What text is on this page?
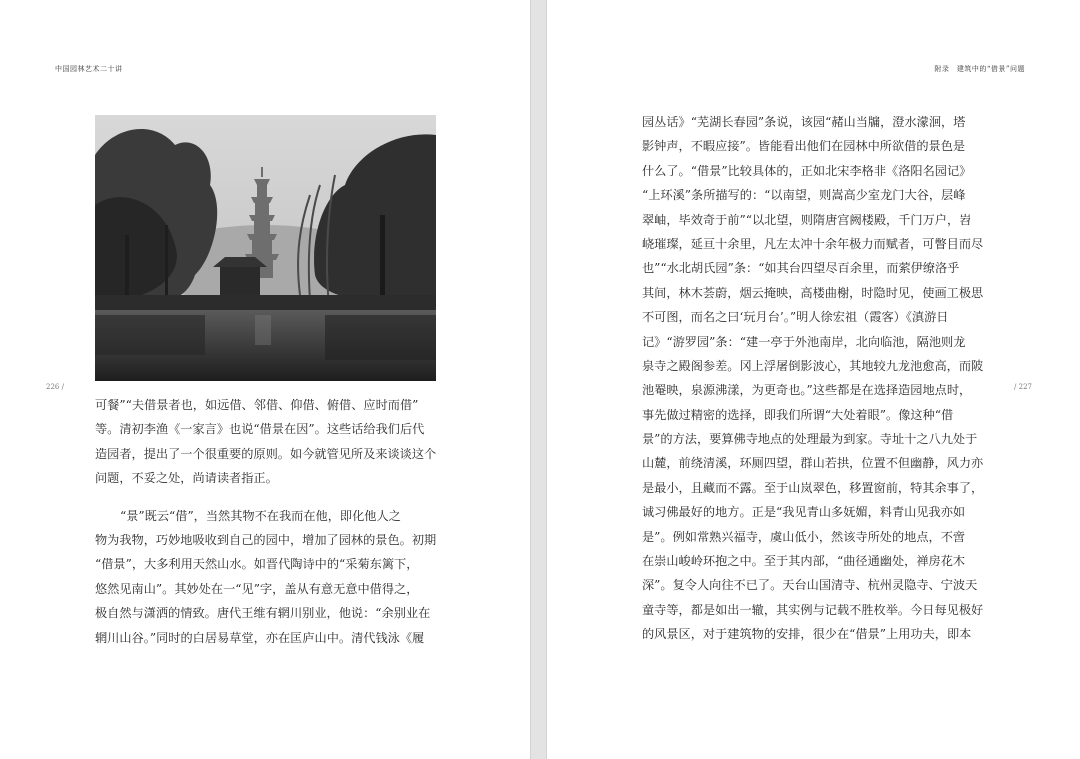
中国园林艺术二十讲
226 /
可餐”“夫借景者也，如远借、邻借、仰借、俯借、应时而借”
等。清初李渔《一家言》也说“借景在因”。这些话给我们后代
造园者，提出了一个很重要的原则。如今就管见所及来谈谈这个
问题，不妥之处，尚请读者指正。
“景”既云“借”，当然其物不在我而在他，即化他人之
物为我物，巧妙地吸收到自己的园中，增加了园林的景色。初期
“借景”，大多利用天然山水。如晋代陶诗中的“采菊东篱下，
悠然见南山”。其妙处在一“见”字，盖从有意无意中借得之，
极自然与潇洒的情致。唐代王维有辋川别业，他说：“余别业在
辋川山谷。”同时的白居易草堂，亦在匡庐山中。清代钱泳《履
附录　建筑中的“借景”问题
/ 227
园丛话》“芜湖长春园”条说，该园“赭山当牖，澄水濛洄，塔
影钟声，不暇应接”。皆能看出他们在园林中所欲借的景色是
什么了。“借景”比较具体的，正如北宋李格非《洛阳名园记》
“上环溪”条所描写的：“以南望，则嵩高少室龙门大谷，层峰
翠岫，毕效奇于前”“以北望，则隋唐宫阙楼殿，千门万户，岧
峣璀璨，延亘十余里，凡左太冲十余年极力而赋者，可瞥目而尽
也”“水北胡氏园”条：“如其台四望尽百余里，而萦伊缭洛乎
其间，林木荟蔚，烟云掩映，高楼曲榭，时隐时见，使画工极思
不可图，而名之曰‘玩月台’。”明人徐宏祖（霞客）《滇游日
记》“游罗园”条：“建一亭于外池南岸，北向临池，隔池则龙
泉寺之殿阁参差。冈上浮屠倒影波心，其地较九龙池愈高，而陂
池罨映，泉源沸漾，为更奇也。”这些都是在选择造园地点时，
事先做过精密的选择，即我们所谓“大处着眼”。像这种“借
景”的方法，要算佛寺地点的处理最为到家。寺址十之八九处于
山麓，前绕清溪，环厕四望，群山若拱，位置不但幽静，风力亦
是最小，且藏而不露。至于山岚翠色，移置窗前，特其余事了，
诚习佛最好的地方。正是“我见青山多妩媚，料青山见我亦如
是”。例如常熟兴福寺，虞山低小，然该寺所处的地点，不啻
在崇山峻岭环抱之中。至于其内部，“曲径通幽处，禅房花木
深”。复令人向往不已了。天台山国清寺、杭州灵隐寺、宁波天
童寺等，都是如出一辙，其实例与记载不胜枚举。今日每见极好
的风景区，对于建筑物的安排，很少在“借景”上用功夫，即本
